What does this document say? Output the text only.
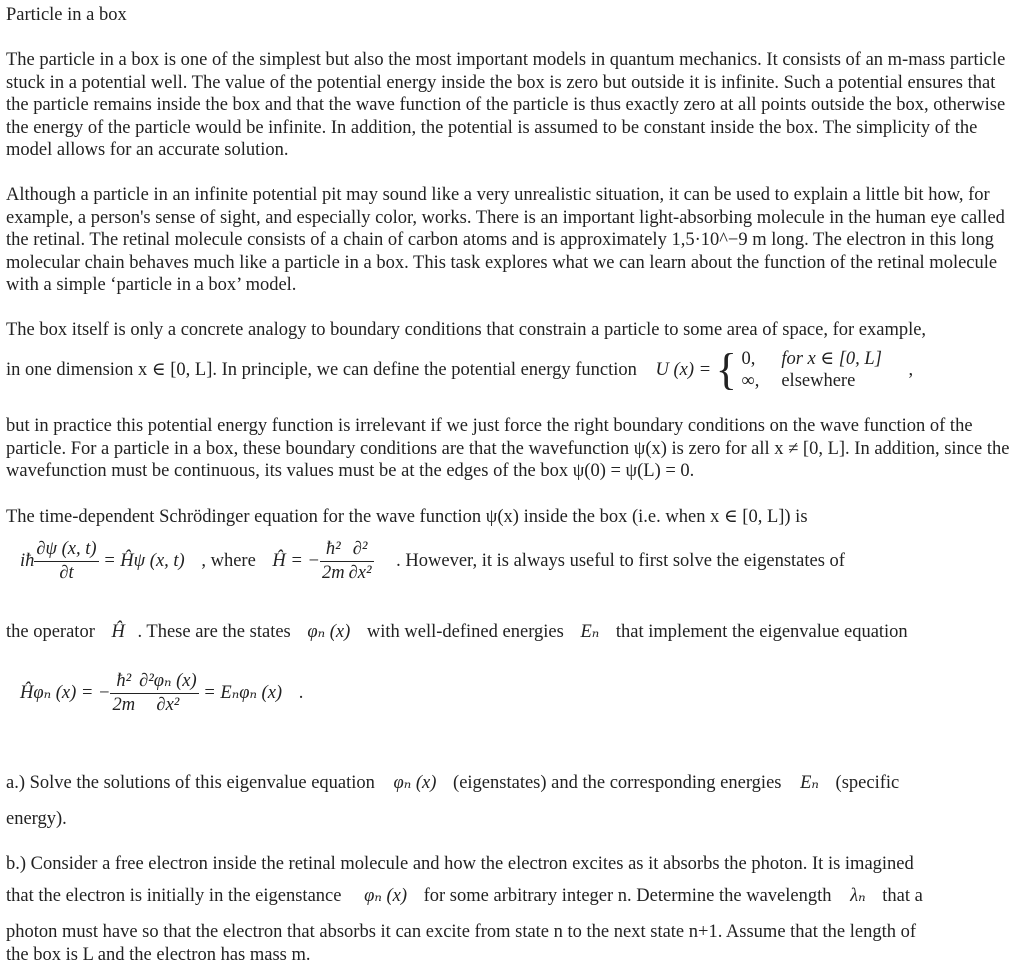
Particle in a box

The particle in a box is one of the simplest but also the most important models in quantum mechanics. It consists of an m-mass particle stuck in a potential well. The value of the potential energy inside the box is zero but outside it is infinite. Such a potential ensures that the particle remains inside the box and that the wave function of the particle is thus exactly zero at all points outside the box, otherwise the energy of the particle would be infinite. In addition, the potential is assumed to be constant inside the box. The simplicity of the model allows for an accurate solution.

Although a particle in an infinite potential pit may sound like a very unrealistic situation, it can be used to explain a little bit how, for example, a person's sense of sight, and especially color, works. There is an important light-absorbing molecule in the human eye called the retinal. The retinal molecule consists of a chain of carbon atoms and is approximately 1,5·10^−9 m long. The electron in this long molecular chain behaves much like a particle in a box. This task explores what we can learn about the function of the retinal molecule with a simple ‘particle in a box’ model.

The box itself is only a concrete analogy to boundary conditions that constrain a particle to some area of space, for example,

in one dimension x ∈ [0, L]. In principle, we can define the potential energy function U (x) = { 0,	for x ∈ [0, L]
∞,	elsewhere ,

but in practice this potential energy function is irrelevant if we just force the right boundary conditions on the wave function of the particle. For a particle in a box, these boundary conditions are that the wavefunction ψ(x) is zero for all x ≠ [0, L]. In addition, since the wavefunction must be continuous, its values must be at the edges of the box ψ(0) = ψ(L) = 0.

The time-dependent Schrödinger equation for the wave function ψ(x) inside the box (i.e. when x ∈ [0, L]) is

iħ $\frac{\partial\psi (x, t)}{\partial t}$ = Ĥψ (x, t) , where Ĥ = − $\frac{\text{ħ²}}{2m} \frac{\text{∂²}}{\text{∂x²}}$ . However, it is always useful to first solve the eigenstates of
the operator Ĥ . These are the states φₙ (x) with well-defined energies Eₙ that implement the eigenvalue equation
Ĥφₙ (x) = − $\frac{\text{ħ²}}{2m} \frac{\text{∂²φₙ (x)}}{\text{∂x²}} = E_n\varphi_n$ (x) .
a.) Solve the solutions of this eigenvalue equation φₙ (x) (eigenstates) and the corresponding energies Eₙ (specific

energy).

b.) Consider a free electron inside the retinal molecule and how the electron excites as it absorbs the photon. It is imagined

that the electron is initially in the eigenstance φₙ (x) for some arbitrary integer n. Determine the wavelength λₙ that a

photon must have so that the electron that absorbs it can excite from state n to the next state n+1. Assume that the length of

the box is L and the electron has mass m.
